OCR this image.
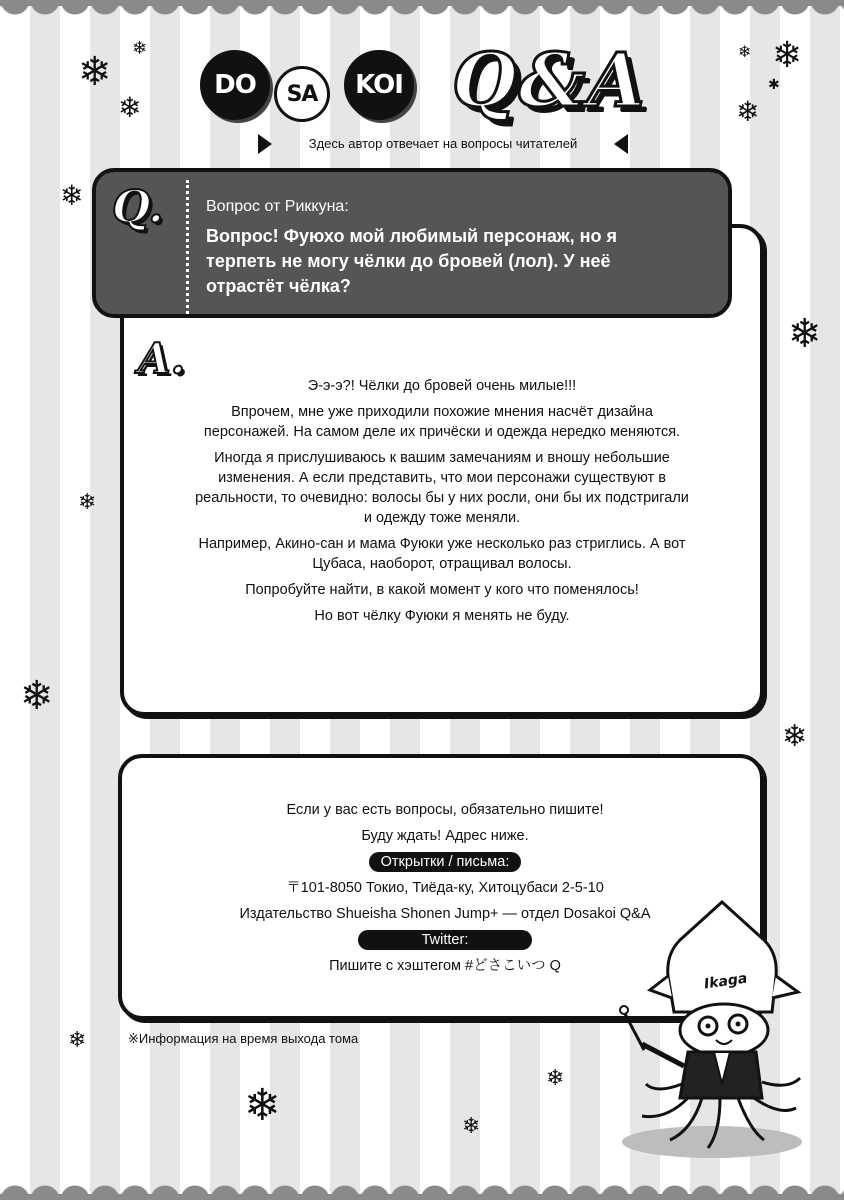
❄
❄
❄
❄
❄ ❄
✱
❄
❄
❄
❄
❄
❄
❄
❄
❄
DO	SA	KOI Q&A
Здесь автор отвечает на вопросы читателей
Q.	Вопрос от Риккуна:
Вопрос! Фуюхо мой любимый персонаж, но я терпеть не могу чёлки до бровей (лол). У неё отрастёт чёлка?
A.

Э-э-э?! Чёлки до бровей очень милые!!!

Впрочем, мне уже приходили похожие мнения насчёт дизайна персонажей. На самом деле их причёски и одежда нередко меняются.

Иногда я прислушиваюсь к вашим замечаниям и вношу небольшие изменения. А если представить, что мои персонажи существуют в реальности, то очевидно: волосы бы у них росли, они бы их подстригали и одежду тоже меняли.

Например, Акино-сан и мама Фуюки уже несколько раз стриглись. А вот Цубаса, наоборот, отращивал волосы.

Попробуйте найти, в какой момент у кого что поменялось!

Но вот чёлку Фуюки я менять не буду.

Если у вас есть вопросы, обязательно пишите!
Буду ждать! Адрес ниже.
Открытки / письма:
〒101-8050 Токио, Тиёда-ку, Хитоцубаси 2-5-10
Издательство Shueisha Shonen Jump+ — отдел Dosakoi Q&A
Twitter:
Пишите с хэштегом #どさこいつ Q
※Информация на время выхода тома
Ikaga
